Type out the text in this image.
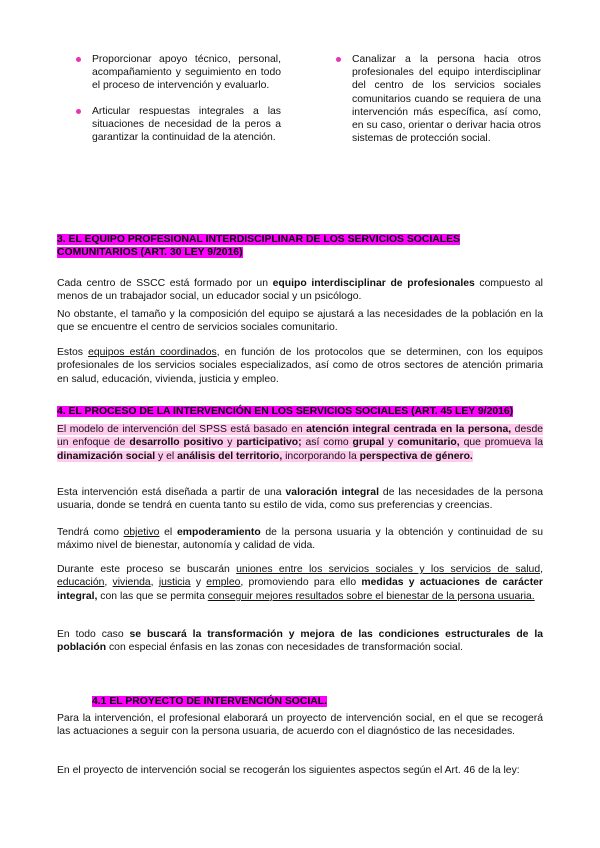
Proporcionar apoyo técnico, personal, acompañamiento y seguimiento en todo el proceso de intervención y evaluarlo.
Articular respuestas integrales a las situaciones de necesidad de la peros a garantizar la continuidad de la atención.
Canalizar a la persona hacia otros profesionales del equipo interdisciplinar del centro de los servicios sociales comunitarios cuando se requiera de una intervención más específica, así como, en su caso, orientar o derivar hacia otros sistemas de protección social.
3. EL EQUIPO PROFESIONAL INTERDISCIPLINAR DE LOS SERVICIOS SOCIALES COMUNITARIOS (ART. 30 LEY 9/2016)
Cada centro de SSCC está formado por un equipo interdisciplinar de profesionales compuesto al menos de un trabajador social, un educador social y un psicólogo.
No obstante, el tamaño y la composición del equipo se ajustará a las necesidades de la población en la que se encuentre el centro de servicios sociales comunitario.
Estos equipos están coordinados, en función de los protocolos que se determinen, con los equipos profesionales de los servicios sociales especializados, así como de otros sectores de atención primaria en salud, educación, vivienda, justicia y empleo.
4. EL PROCESO DE LA INTERVENCIÓN EN LOS SERVICIOS SOCIALES (ART. 45 LEY 9/2016)
El modelo de intervención del SPSS está basado en atención integral centrada en la persona, desde un enfoque de desarrollo positivo y participativo; así como grupal y comunitario, que promueva la dinamización social y el análisis del territorio, incorporando la perspectiva de género.
Esta intervención está diseñada a partir de una valoración integral de las necesidades de la persona usuaria, donde se tendrá en cuenta tanto su estilo de vida, como sus preferencias y creencias.
Tendrá como objetivo el empoderamiento de la persona usuaria y la obtención y continuidad de su máximo nivel de bienestar, autonomía y calidad de vida.
Durante este proceso se buscarán uniones entre los servicios sociales y los servicios de salud, educación, vivienda, justicia y empleo, promoviendo para ello medidas y actuaciones de carácter integral, con las que se permita conseguir mejores resultados sobre el bienestar de la persona usuaria.
En todo caso se buscará la transformación y mejora de las condiciones estructurales de la población con especial énfasis en las zonas con necesidades de transformación social.
4.1 EL PROYECTO DE INTERVENCIÓN SOCIAL.
Para la intervención, el profesional elaborará un proyecto de intervención social, en el que se recogerá las actuaciones a seguir con la persona usuaria, de acuerdo con el diagnóstico de las necesidades.
En el proyecto de intervención social se recogerán los siguientes aspectos según el Art. 46 de la ley:
